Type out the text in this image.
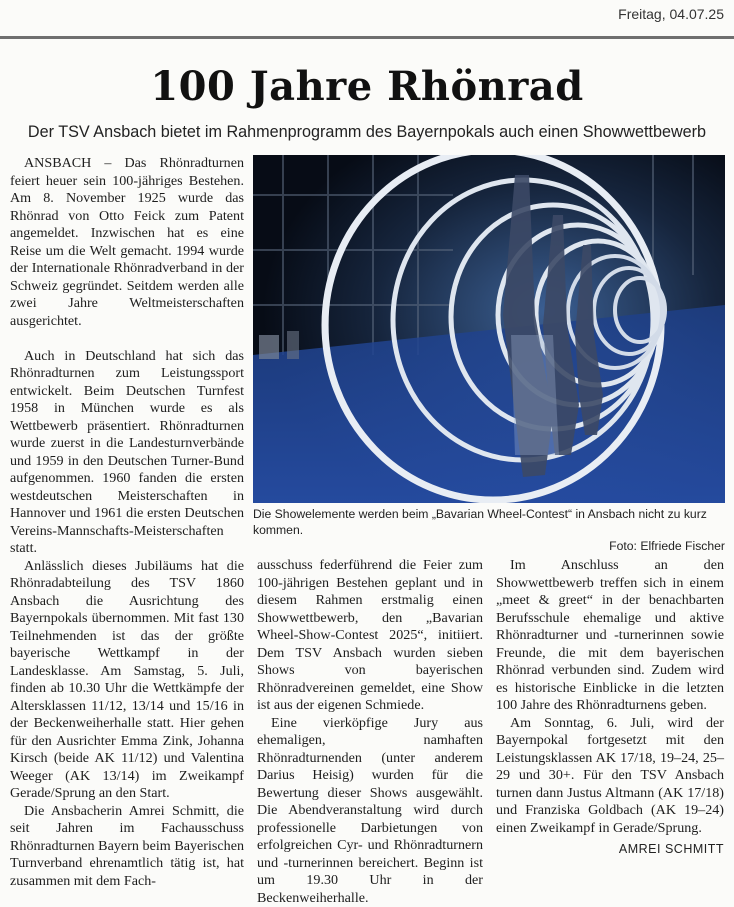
Freitag, 04.07.25
100 Jahre Rhönrad
Der TSV Ansbach bietet im Rahmenprogramm des Bayernpokals auch einen Showwettbewerb

ANSBACH – Das Rhönradturnen feiert heuer sein 100-jähriges Bestehen. Am 8. November 1925 wurde das Rhönrad von Otto Feick zum Patent angemeldet. Inzwischen hat es eine Reise um die Welt gemacht. 1994 wurde der Internationale Rhönradverband in der Schweiz gegründet. Seitdem werden alle zwei Jahre Weltmeisterschaften ausgerichtet.

Auch in Deutschland hat sich das Rhönradturnen zum Leistungssport entwickelt. Beim Deutschen Turnfest 1958 in München wurde es als Wettbewerb präsentiert. Rhönradturnen wurde zuerst in die Landesturnverbände und 1959 in den Deutschen Turner-Bund aufgenommen. 1960 fanden die ersten westdeutschen Meisterschaften in Hannover und 1961 die ersten Deutschen Vereins-Mannschafts-Meisterschaften statt.

Anlässlich dieses Jubiläums hat die Rhönradabteilung des TSV 1860 Ansbach die Ausrichtung des Bayernpokals übernommen. Mit fast 130 Teilnehmenden ist das der größte bayerische Wettkampf in der Landesklasse. Am Samstag, 5. Juli, finden ab 10.30 Uhr die Wettkämpfe der Altersklassen 11/12, 13/14 und 15/16 in der Beckenweiherhalle statt. Hier gehen für den Ausrichter Emma Zink, Johanna Kirsch (beide AK 11/12) und Valentina Weeger (AK 13/14) im Zweikampf Gerade/Sprung an den Start.

Die Ansbacherin Amrei Schmitt, die seit Jahren im Fachausschuss Rhönradturnen Bayern beim Bayerischen Turnverband ehrenamtlich tätig ist, hat zusammen mit dem Fach-

Die Showelemente werden beim „Bavarian Wheel-Contest“ in Ansbach nicht zu kurz kommen.
Foto: Elfriede Fischer

ausschuss federführend die Feier zum 100-jährigen Bestehen geplant und in diesem Rahmen erstmalig einen Showwettbewerb, den „Bavarian Wheel-Show-Contest 2025“, initiiert. Dem TSV Ansbach wurden sieben Shows von bayerischen Rhönradvereinen gemeldet, eine Show ist aus der eigenen Schmiede.

Eine vierköpfige Jury aus ehemaligen, namhaften Rhönradturnenden (unter anderem Darius Heisig) wurden für die Bewertung dieser Shows ausgewählt. Die Abendveranstaltung wird durch professionelle Darbietungen von erfolgreichen Cyr- und Rhönradturnern und -turnerinnen bereichert. Beginn ist um 19.30 Uhr in der Beckenweiherhalle.

Im Anschluss an den Showwettbewerb treffen sich in einem „meet & greet“ in der benachbarten Berufsschule ehemalige und aktive Rhönradturner und -turnerinnen sowie Freunde, die mit dem bayerischen Rhönrad verbunden sind. Zudem wird es historische Einblicke in die letzten 100 Jahre des Rhönradturnens geben.

Am Sonntag, 6. Juli, wird der Bayernpokal fortgesetzt mit den Leistungsklassen AK 17/18, 19–24, 25–29 und 30+. Für den TSV Ansbach turnen dann Justus Altmann (AK 17/18) und Franziska Goldbach (AK 19–24) einen Zweikampf in Gerade/Sprung.

AMREI SCHMITT
